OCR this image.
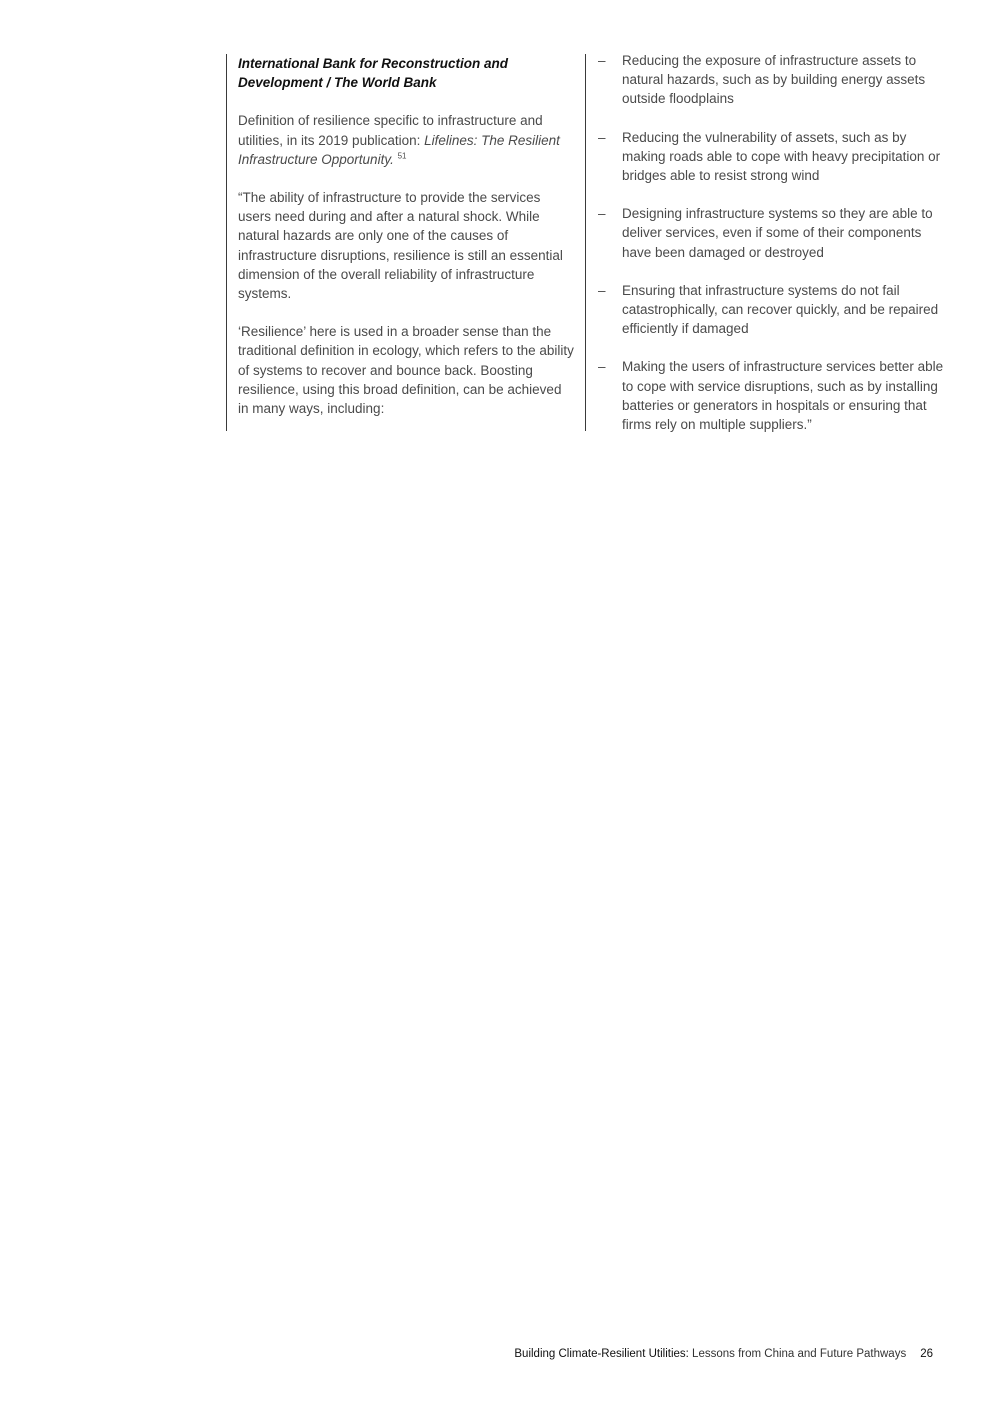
International Bank for Reconstruction and Development / The World Bank

Definition of resilience specific to infrastructure and utilities, in its 2019 publication: Lifelines: The Resilient Infrastructure Opportunity. $^{51}$

“The ability of infrastructure to provide the services users need during and after a natural shock. While natural hazards are only one of the causes of infrastructure disruptions, resilience is still an essential dimension of the overall reliability of infrastructure systems.

‘Resilience’ here is used in a broader sense than the traditional definition in ecology, which refers to the ability of systems to recover and bounce back. Boosting resilience, using this broad definition, can be achieved in many ways, including:

– Reducing the exposure of infrastructure assets to natural hazards, such as by building energy assets outside floodplains
– Reducing the vulnerability of assets, such as by making roads able to cope with heavy precipitation or bridges able to resist strong wind
– Designing infrastructure systems so they are able to deliver services, even if some of their components have been damaged or destroyed
– Ensuring that infrastructure systems do not fail catastrophically, can recover quickly, and be repaired efficiently if damaged
– Making the users of infrastructure services better able to cope with service disruptions, such as by installing batteries or generators in hospitals or ensuring that firms rely on multiple suppliers.”
Building Climate-Resilient Utilities: Lessons from China and Future Pathways 26
